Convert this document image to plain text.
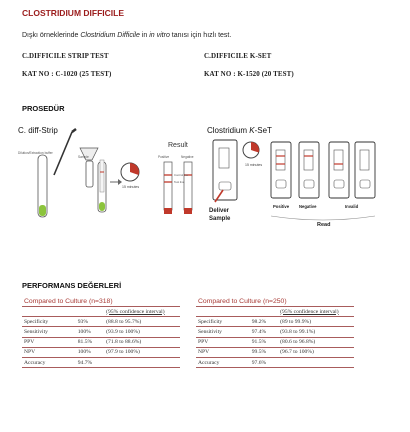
CLOSTRIDIUM DIFFICILE
Dışkı örneklerinde Clostridium Difficile in in vitro tanısı için hızlı test.
C.DIFFICILE STRIP TEST
KAT NO : C-1020 (25 TEST)
C.DIFFICILE K-SET
KAT NO : K-1520 (20 TEST)
PROSEDÜR
C. diff-Strip
Dilution/Extraction buffer
Sample
Result
15 minutes
Positive	Negative
Control line
Test line
Clostridium K-SeT
15 minutes
Deliver
Sample
Positive Negative	Invalid
Read
PERFORMANS DEĞERLERİ
Compared to Culture (n=318)
		(95% confidence interval)
Specificity	93%	(88.8 to 95.7%)
Sensitivity	100%	(93.9 to 100%)
PPV	81.5%	(71.8 to 88.6%)
NPV	100%	(97.9 to 100%)
Accuracy	94.7%	
Compared to Culture (n=250)
		(95% confidence interval)
Specificity	98.2%	(89 to 99.9%)
Sensitivity	97.4%	(93.8 to 99.1%)
PPV	91.5%	(80.6 to 96.8%)
NPV	99.5%	(96.7 to 100%)
Accuracy	97.6%	
